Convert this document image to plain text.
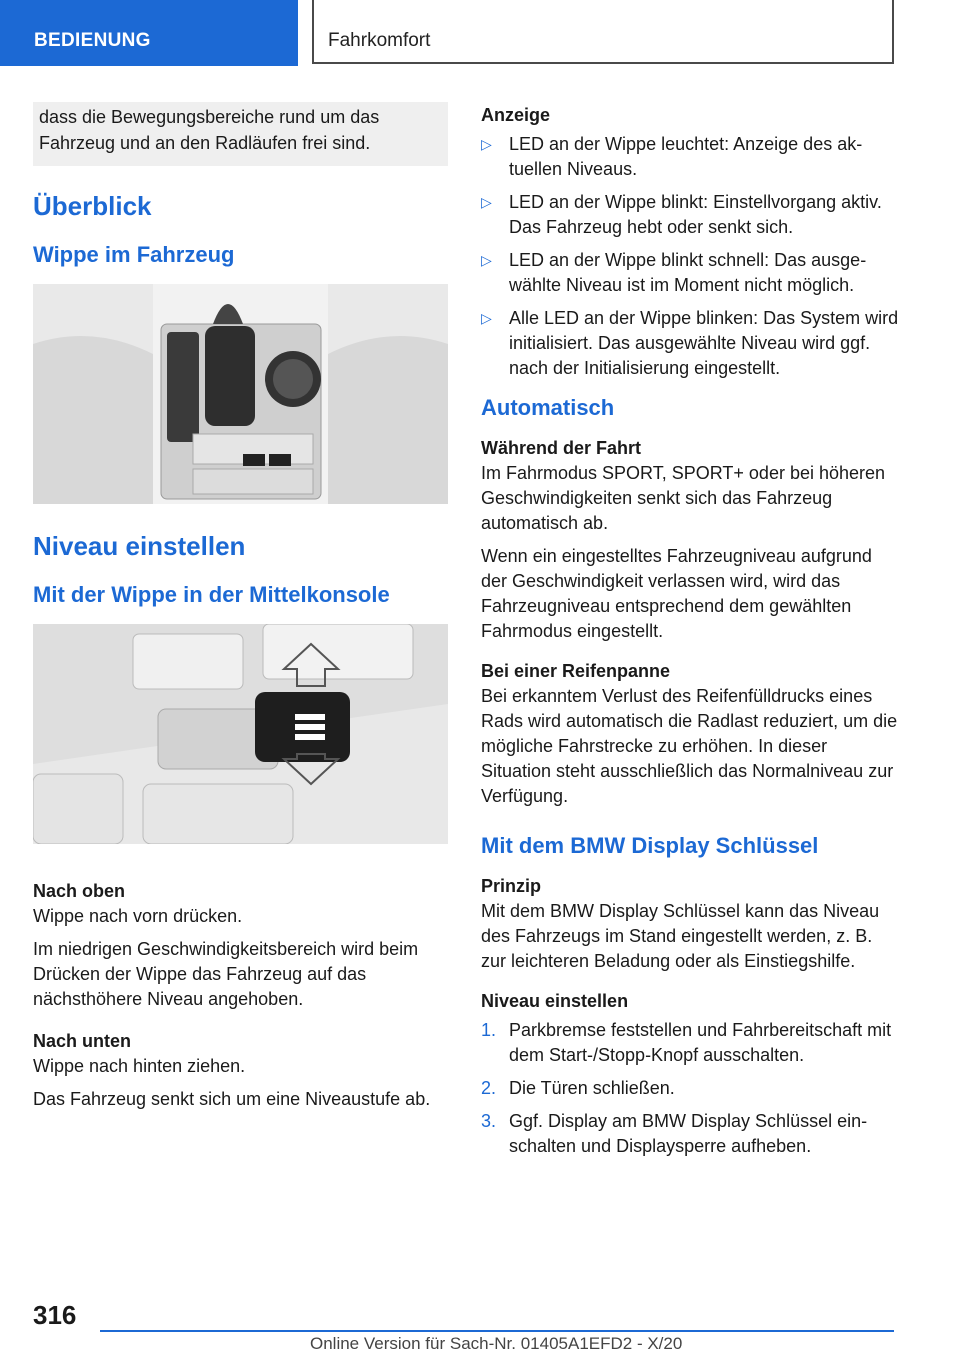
BEDIENUNG	Fahrkomfort
dass die Bewegungsbereiche rund um das Fahrzeug und an den Radläufen frei sind.
Überblick
Wippe im Fahrzeug
Niveau einstellen
Mit der Wippe in der Mittelkonsole
Nach oben

Wippe nach vorn drücken.

Im niedrigen Geschwindigkeitsbereich wird beim Drücken der Wippe das Fahrzeug auf das nächsthöhere Niveau angehoben.

Nach unten

Wippe nach hinten ziehen.

Das Fahrzeug senkt sich um eine Niveaustufe ab.

Anzeige
▷ LED an der Wippe leuchtet: Anzeige des aktuellen Niveaus.
▷ LED an der Wippe blinkt: Einstellvorgang aktiv. Das Fahrzeug hebt oder senkt sich.
▷ LED an der Wippe blinkt schnell: Das ausgewählte Niveau ist im Moment nicht möglich.
▷ Alle LED an der Wippe blinken: Das System wird initialisiert. Das ausgewählte Niveau wird ggf. nach der Initialisierung eingestellt.
Automatisch
Während der Fahrt

Im Fahrmodus SPORT, SPORT+ oder bei höheren Geschwindigkeiten senkt sich das Fahrzeug automatisch ab.

Wenn ein eingestelltes Fahrzeugniveau aufgrund der Geschwindigkeit verlassen wird, wird das Fahrzeugniveau entsprechend dem gewählten Fahrmodus eingestellt.

Bei einer Reifenpanne

Bei erkanntem Verlust des Reifenfülldrucks eines Rads wird automatisch die Radlast reduziert, um die mögliche Fahrstrecke zu erhöhen. In dieser Situation steht ausschließlich das Normalniveau zur Verfügung.

Mit dem BMW Display Schlüssel
Prinzip

Mit dem BMW Display Schlüssel kann das Niveau des Fahrzeugs im Stand eingestellt werden, z. B. zur leichteren Beladung oder als Einstiegshilfe.

Niveau einstellen
1. Parkbremse feststellen und Fahrbereitschaft mit dem Start-/Stopp-Knopf ausschalten.
2. Die Türen schließen.
3. Ggf. Display am BMW Display Schlüssel einschalten und Displaysperre aufheben.
316
Online Version für Sach-Nr. 01405A1EFD2 - X/20
